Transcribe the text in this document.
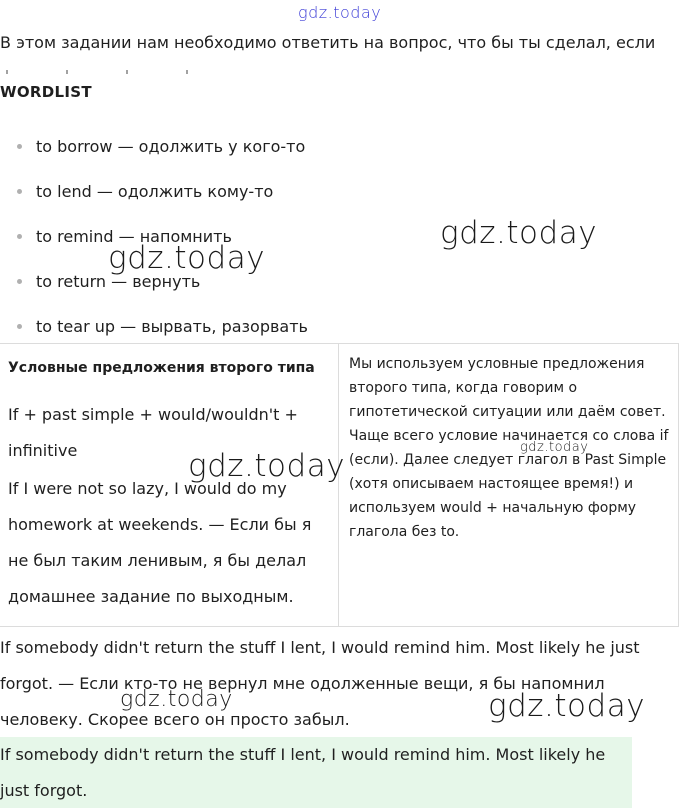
gdz.today
В этом задании нам необходимо ответить на вопрос, что бы ты сделал, если
WORDLIST
to borrow — одолжить у кого-то
to lend — одолжить кому-то
to remind — напомнить
to return — вернуть
to tear up — вырвать, разорвать
Условные предложения второго типа
If + past simple + would/wouldn't + infinitive
If I were not so lazy, I would do my homework at weekends. — Если бы я не был таким ленивым, я бы делал домашнее задание по выходным.
Мы используем условные предложения второго типа, когда говорим о гипотетической ситуации или даём совет. Чаще всего условие начинается со слова if (если). Далее следует глагол в Past Simple (хотя описываем настоящее время!) и используем would + начальную форму глагола без to.
If somebody didn't return the stuff I lent, I would remind him. Most likely he just forgot. — Если кто-то не вернул мне одолженные вещи, я бы напомнил человеку. Скорее всего он просто забыл.
If somebody didn't return the stuff I lent, I would remind him. Most likely he just forgot.
gdz.today
gdz.today
gdz.today
gdz.today
gdz.today	gdz.today
